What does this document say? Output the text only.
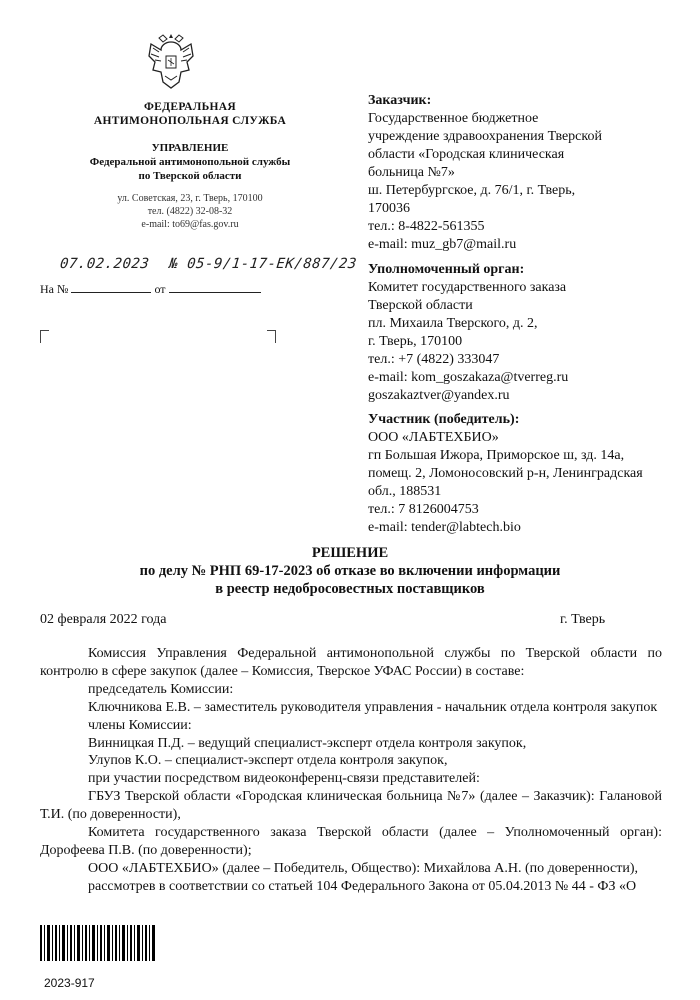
ФЕДЕРАЛЬНАЯ
АНТИМОНОПОЛЬНАЯ СЛУЖБА
УПРАВЛЕНИЕ
Федеральной антимонопольной службы
по Тверской области
ул. Советская, 23, г. Тверь, 170100
тел. (4822) 32-08-32
e-mail: to69@fas.gov.ru
07.02.2023 № 05-9/1-17-ЕК/887/23
На №	от
Заказчик:
Государственное бюджетное
учреждение здравоохранения Тверской
области «Городская клиническая
больница №7»
ш. Петербургское, д. 76/1, г. Тверь,
170036
тел.: 8-4822-561355
e-mail: muz_gb7@mail.ru
Уполномоченный орган:
Комитет государственного заказа
Тверской области
пл. Михаила Тверского, д. 2,
г. Тверь, 170100
тел.: +7 (4822) 333047
e-mail: kom_goszakaza@tverreg.ru
goszakaztver@yandex.ru
Участник (победитель):
ООО «ЛАБТЕХБИО»
гп Большая Ижора, Приморское ш, зд. 14а,
помещ. 2, Ломоносовский р-н, Ленинградская
обл., 188531
тел.: 7 8126004753
e-mail: tender@labtech.bio
РЕШЕНИЕ
по делу № РНП 69-17-2023 об отказе во включении информации
в реестр недобросовестных поставщиков
02 февраля 2022 года	г. Тверь

Комиссия Управления Федеральной антимонопольной службы по Тверской области по контролю в сфере закупок (далее – Комиссия, Тверское УФАС России) в составе:

председатель Комиссии:

Ключникова Е.В. – заместитель руководителя управления - начальник отдела контроля закупок

члены Комиссии:

Винницкая П.Д. – ведущий специалист-эксперт отдела контроля закупок,

Улупов К.О. – специалист-эксперт отдела контроля закупок,

при участии посредством видеоконференц-связи представителей:

ГБУЗ Тверской области «Городская клиническая больница №7» (далее – Заказчик): Галановой Т.И. (по доверенности),

Комитета государственного заказа Тверской области (далее – Уполномоченный орган): Дорофеева П.В. (по доверенности);

ООО «ЛАБТЕХБИО» (далее – Победитель, Общество): Михайлова А.Н. (по доверенности),

рассмотрев в соответствии со статьей 104 Федерального Закона от 05.04.2013 № 44 - ФЗ «О

2023-917
